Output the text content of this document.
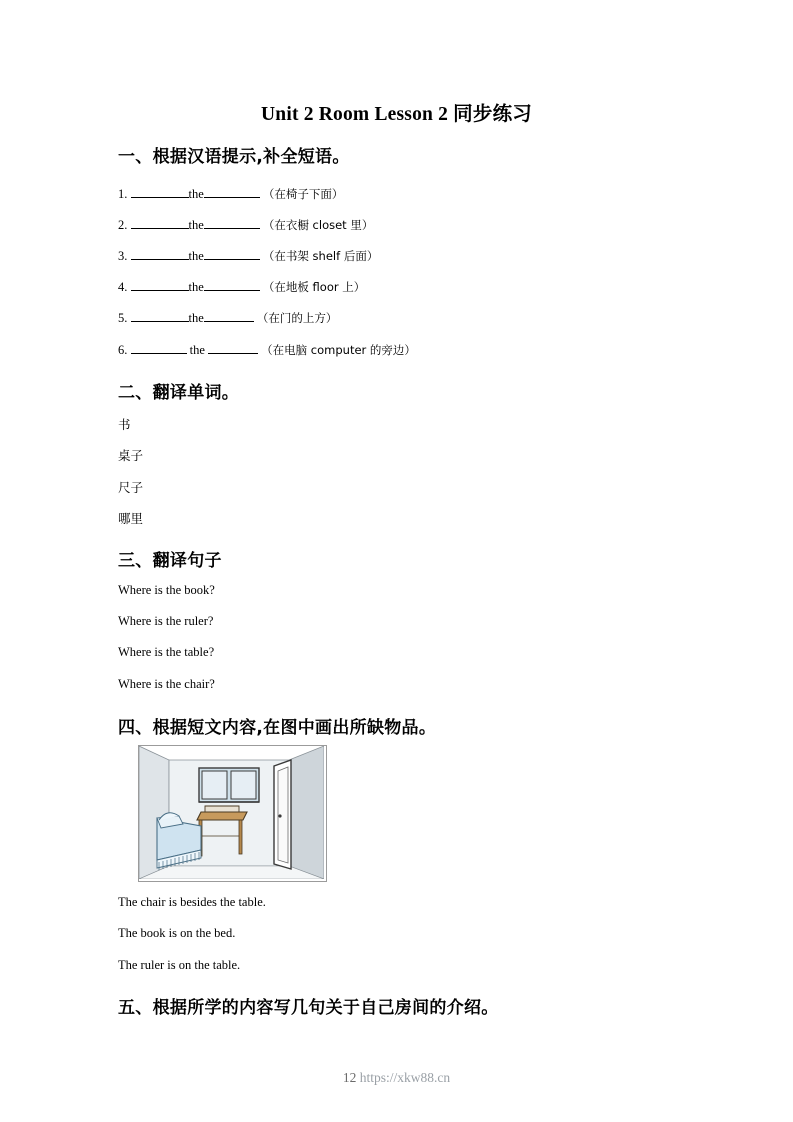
Unit 2 Room Lesson 2 同步练习
一、根据汉语提示,补全短语。
1.	the	（在椅子下面）
2.	the	（在衣橱 closet 里）
3.	the	（在书架 shelf 后面）
4.	the	（在地板 floor 上）
5.	the	（在门的上方）
6.	the	（在电脑 computer 的旁边）
二、翻译单词。
书
桌子
尺子
哪里
三、翻译句子
Where is the book?
Where is the ruler?
Where is the table?
Where is the chair?
四、根据短文内容,在图中画出所缺物品。
The chair is besides the table.
The book is on the bed.
The ruler is on the table.
五、根据所学的内容写几句关于自己房间的介绍。
12 https://xkw88.cn
